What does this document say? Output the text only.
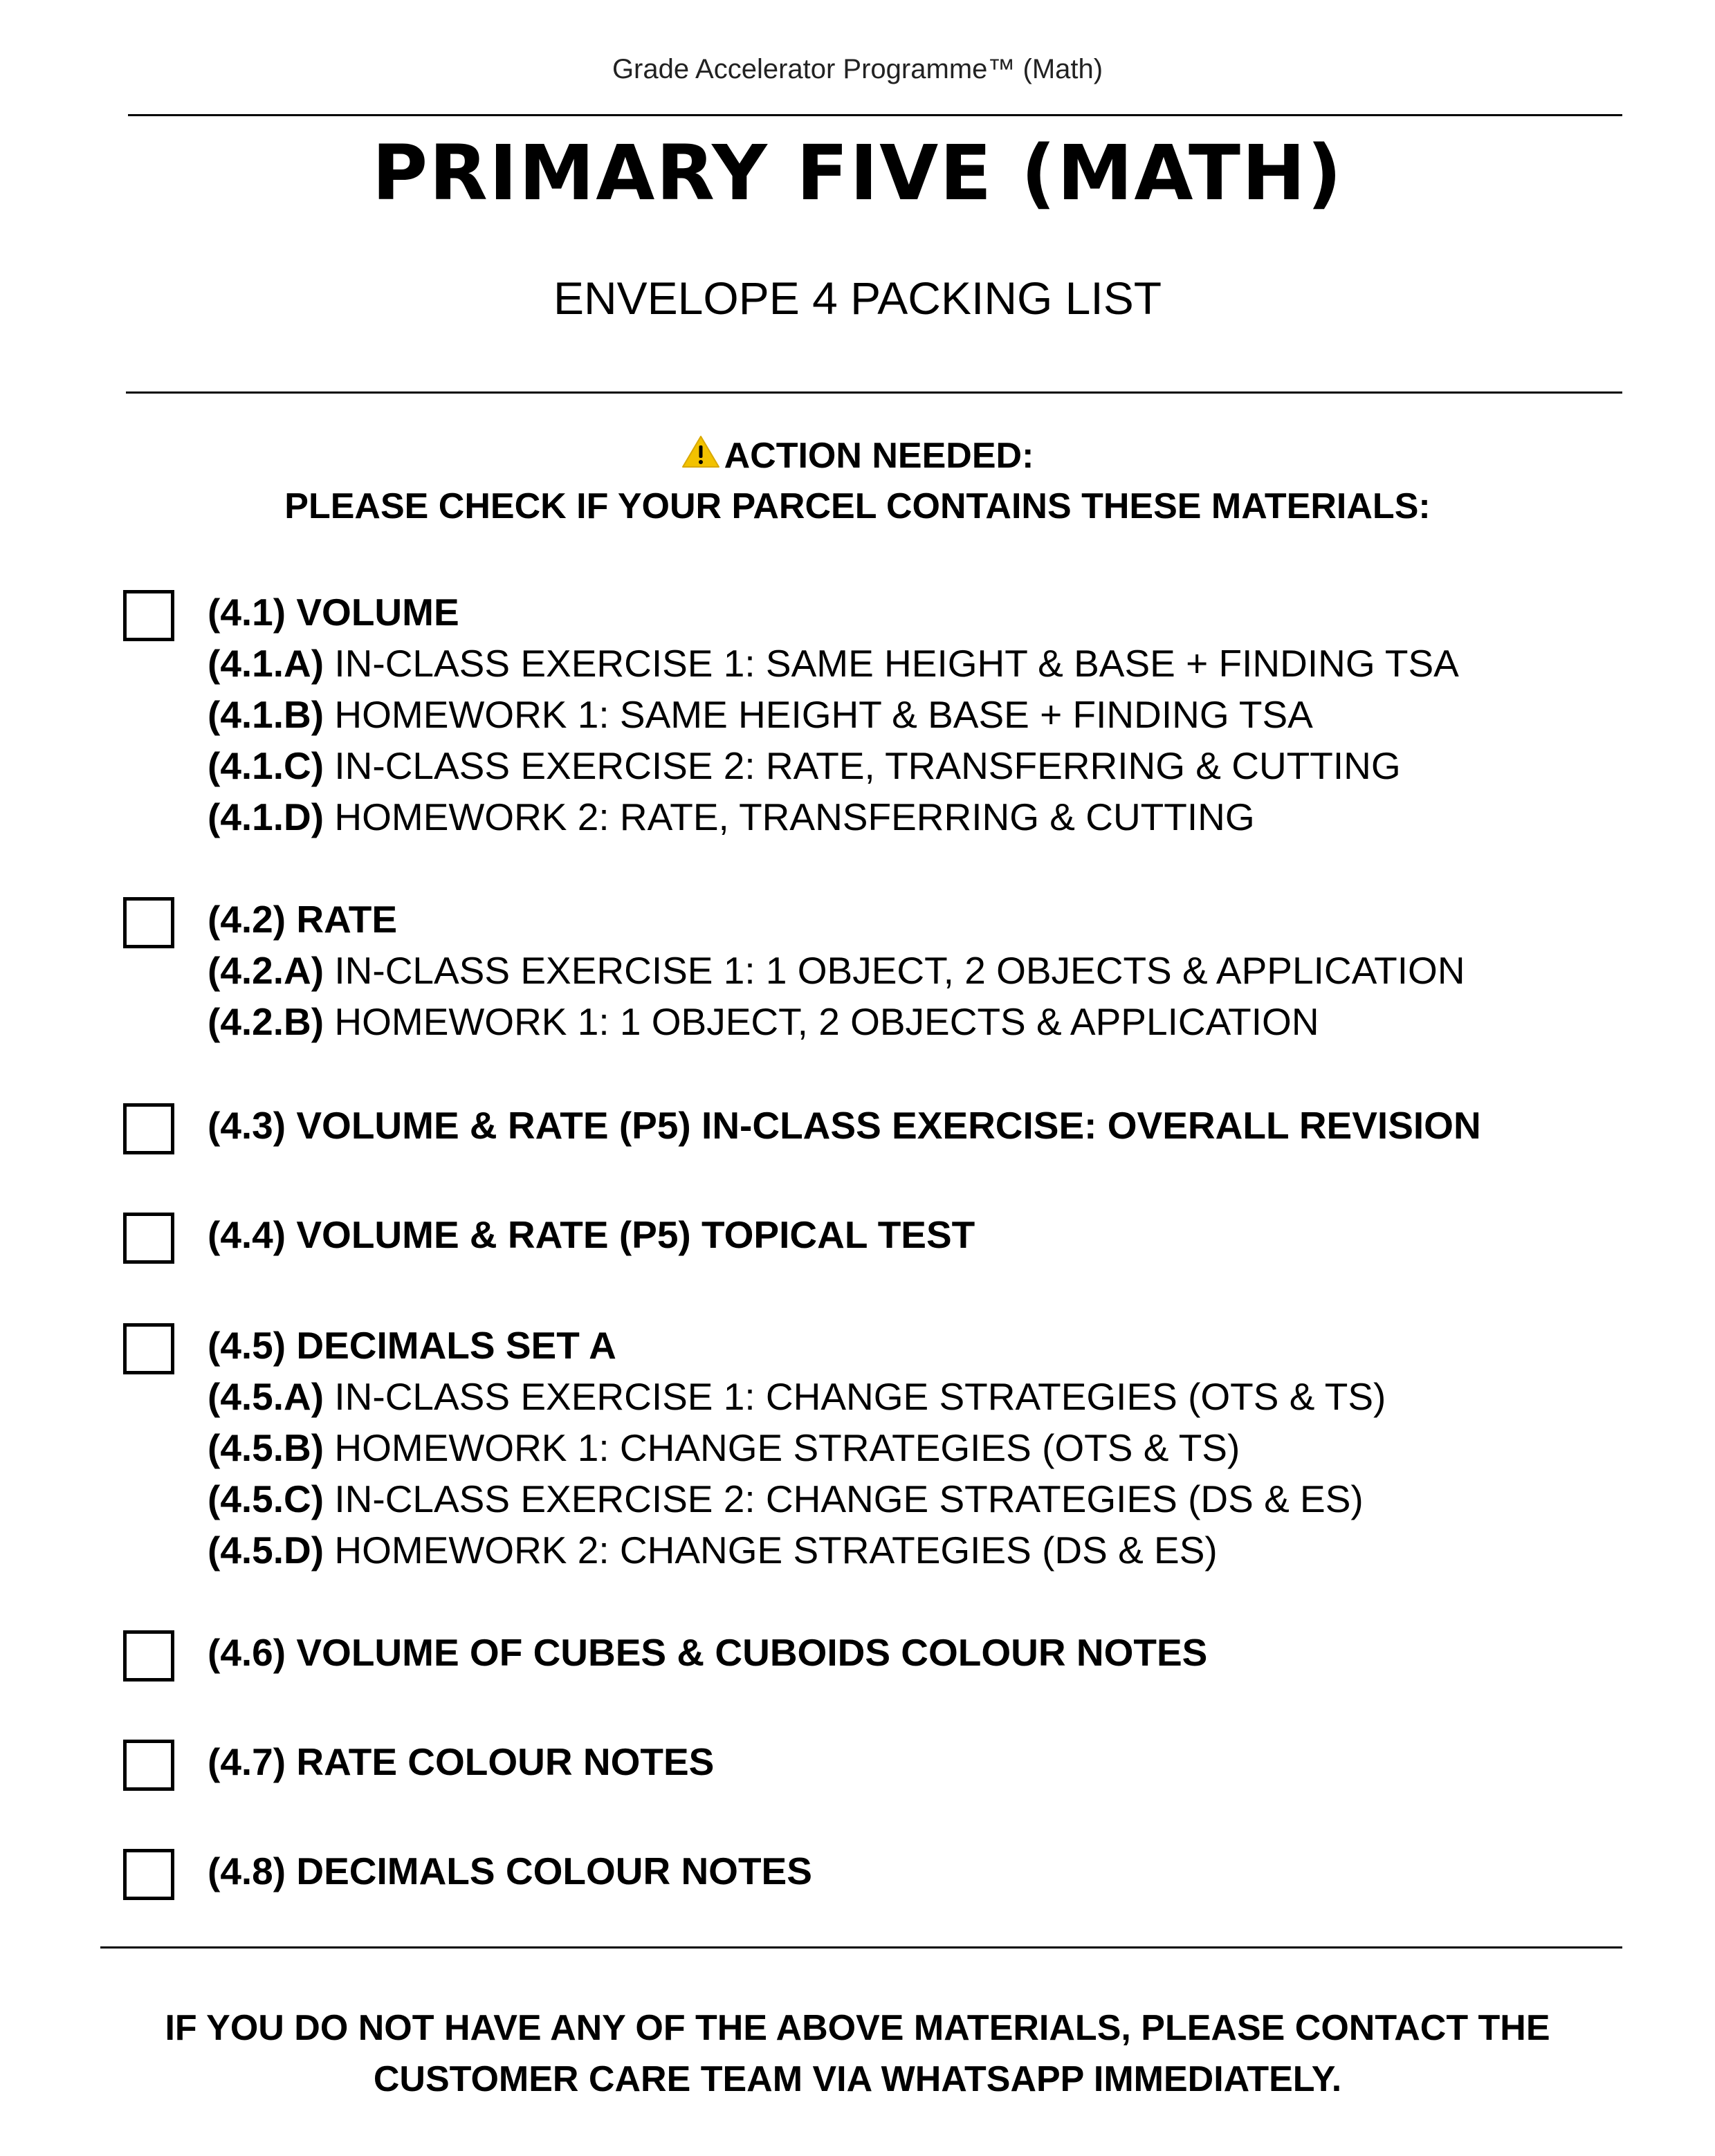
Grade Accelerator Programme™ (Math)
PRIMARY FIVE (MATH)
ENVELOPE 4 PACKING LIST
ACTION NEEDED:
PLEASE CHECK IF YOUR PARCEL CONTAINS THESE MATERIALS:
(4.1) VOLUME
(4.1.A) IN-CLASS EXERCISE 1: SAME HEIGHT & BASE + FINDING TSA
(4.1.B) HOMEWORK 1: SAME HEIGHT & BASE + FINDING TSA
(4.1.C) IN-CLASS EXERCISE 2: RATE, TRANSFERRING & CUTTING
(4.1.D) HOMEWORK 2: RATE, TRANSFERRING & CUTTING
(4.2) RATE
(4.2.A) IN-CLASS EXERCISE 1: 1 OBJECT, 2 OBJECTS & APPLICATION
(4.2.B) HOMEWORK 1: 1 OBJECT, 2 OBJECTS & APPLICATION
(4.3) VOLUME & RATE (P5) IN-CLASS EXERCISE: OVERALL REVISION
(4.4) VOLUME & RATE (P5) TOPICAL TEST
(4.5) DECIMALS SET A
(4.5.A) IN-CLASS EXERCISE 1: CHANGE STRATEGIES (OTS & TS)
(4.5.B) HOMEWORK 1: CHANGE STRATEGIES (OTS & TS)
(4.5.C) IN-CLASS EXERCISE 2: CHANGE STRATEGIES (DS & ES)
(4.5.D) HOMEWORK 2: CHANGE STRATEGIES (DS & ES)
(4.6) VOLUME OF CUBES & CUBOIDS COLOUR NOTES
(4.7) RATE COLOUR NOTES
(4.8) DECIMALS COLOUR NOTES
IF YOU DO NOT HAVE ANY OF THE ABOVE MATERIALS, PLEASE CONTACT THE
CUSTOMER CARE TEAM VIA WHATSAPP IMMEDIATELY.
